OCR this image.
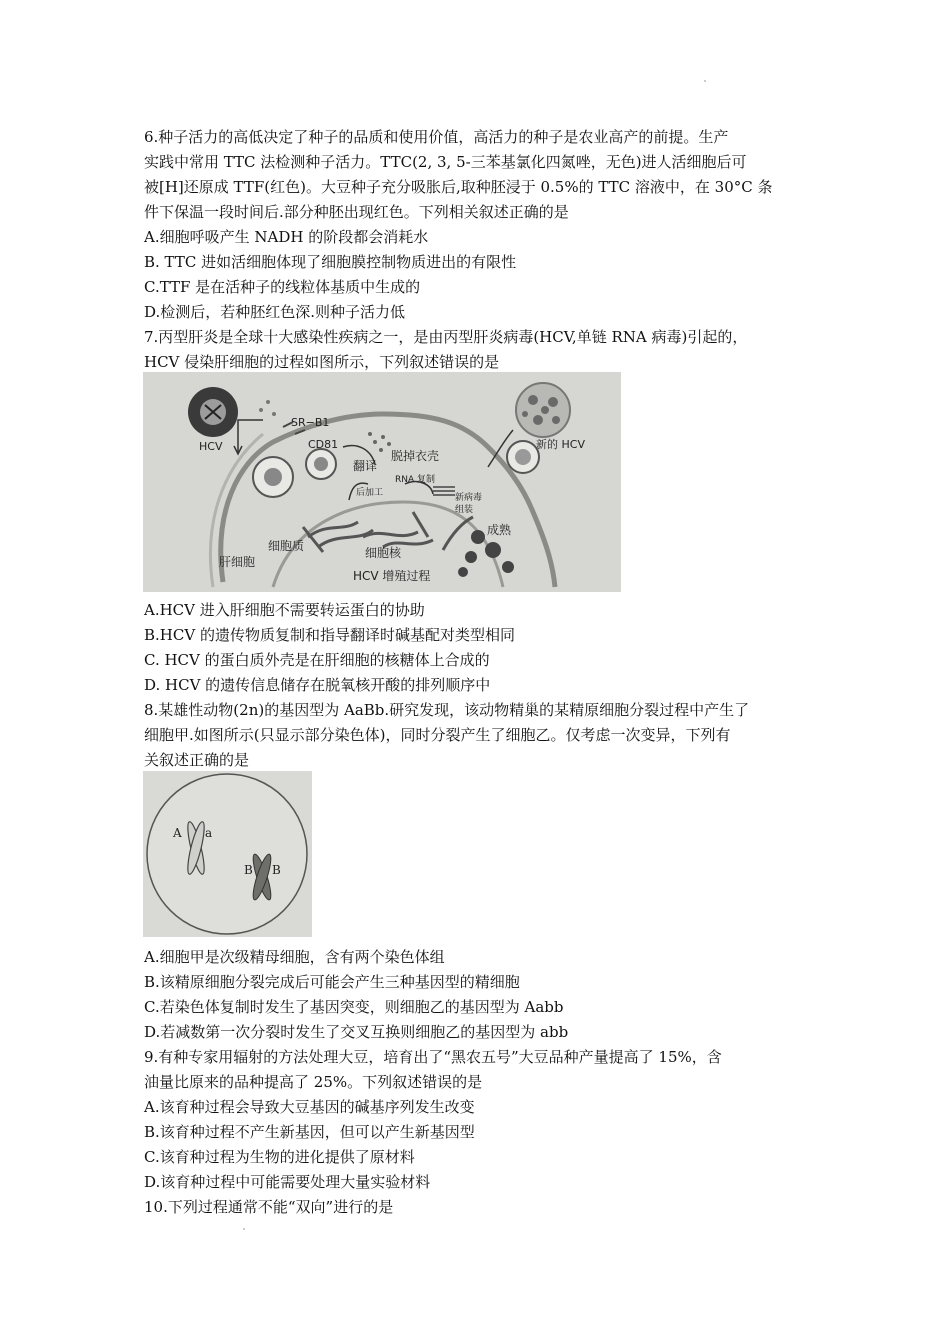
6.种子活力的高低决定了种子的品质和使用价值，高活力的种子是农业高产的前提。生产
实践中常用 TTC 法检测种子活力。TTC(2, 3, 5-三苯基氯化四氮唑，无色)进人活细胞后可
被[H]还原成 TTF(红色)。大豆种子充分吸胀后,取种胚浸于 0.5%的 TTC 溶液中，在 30°C 条
件下保温一段时间后.部分种胚出现红色。下列相关叙述正确的是
A.细胞呼吸产生 NADH 的阶段都会消耗水
B. TTC 进如活细胞体现了细胞膜控制物质进出的有限性
C.TTF 是在活种子的线粒体基质中生成的
D.检测后，若种胚红色深.则种子活力低
7.丙型肝炎是全球十大感染性疾病之一，是由丙型肝炎病毒(HCV,单链 RNA 病毒)引起的，
HCV 侵染肝细胞的过程如图所示，下列叙述错误的是
HCV
SR−B1
CD81
脱掉衣壳
翻译
后加工
RNA 复制
新病毒
组装
新的 HCV
细胞质	细胞核
肝细胞
成熟
HCV 增殖过程
A.HCV 进入肝细胞不需要转运蛋白的协助
B.HCV 的遗传物质复制和指导翻译时碱基配对类型相同
C. HCV 的蛋白质外壳是在肝细胞的核糖体上合成的
D. HCV 的遗传信息储存在脱氧核开酸的排列顺序中
8.某雄性动物(2n)的基因型为 AaBb.研究发现，该动物精巢的某精原细胞分裂过程中产生了
细胞甲.如图所示(只显示部分染色体)，同时分裂产生了细胞乙。仅考虑一次变异，下列有
关叙述正确的是
A a
B B
A.细胞甲是次级精母细胞，含有两个染色体组
B.该精原细胞分裂完成后可能会产生三种基因型的精细胞
C.若染色体复制时发生了基因突变，则细胞乙的基因型为 Aabb
D.若减数第一次分裂时发生了交叉互换则细胞乙的基因型为 abb
9.有种专家用辐射的方法处理大豆，培育出了“黑农五号”大豆品种产量提高了 15%，含
油量比原来的品种提高了 25%。下列叙述错误的是
A.该育种过程会导致大豆基因的碱基序列发生改变
B.该育种过程不产生新基因，但可以产生新基因型
C.该育种过程为生物的进化提供了原材料
D.该育种过程中可能需要处理大量实验材料
10.下列过程通常不能“双向”进行的是
